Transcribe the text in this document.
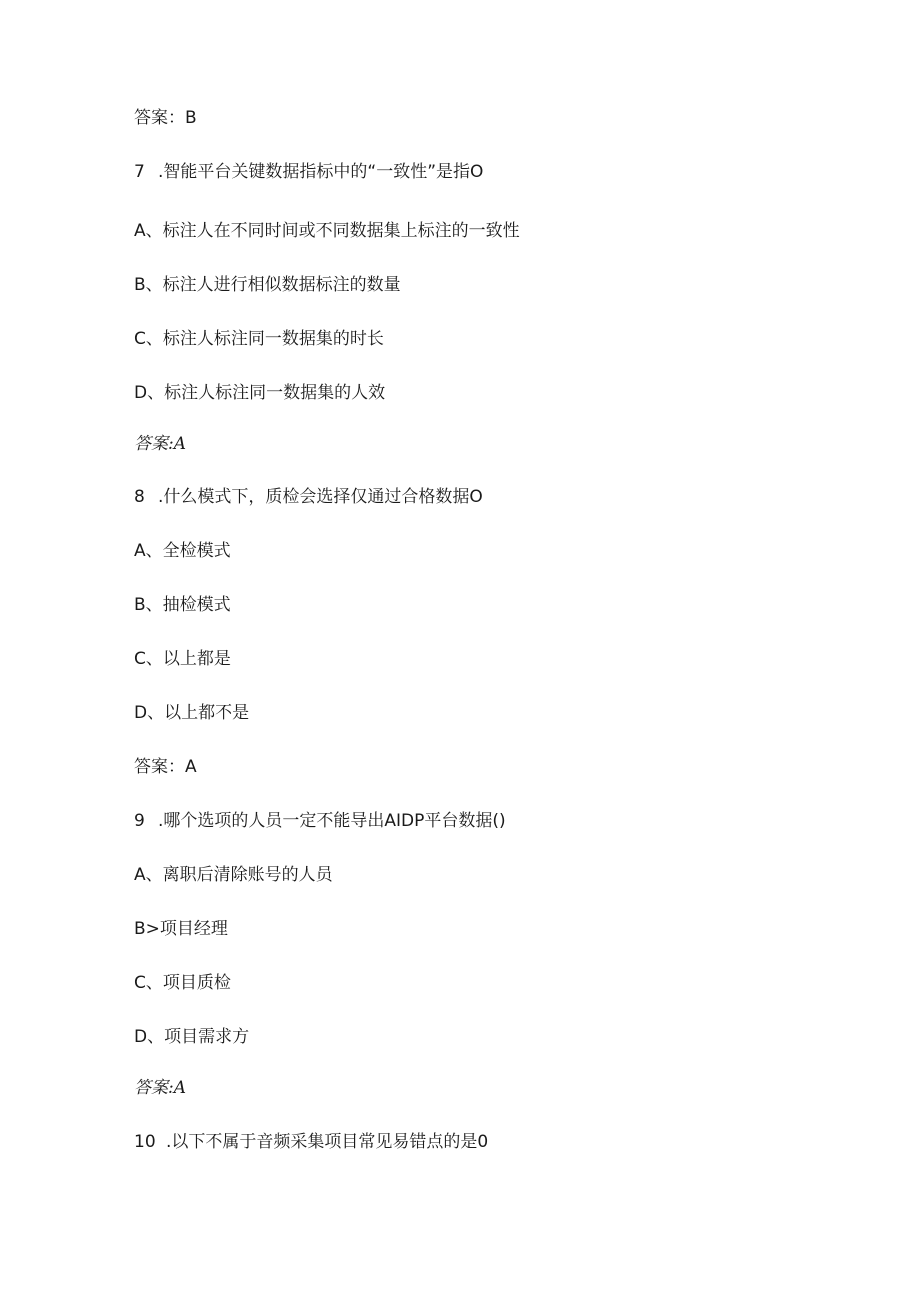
答案：B
7 .智能平台关键数据指标中的“一致性”是指O
A、标注人在不同时间或不同数据集上标注的一致性
B、标注人进行相似数据标注的数量
C、标注人标注同一数据集的时长
D、标注人标注同一数据集的人效
答案:A
8 .什么模式下，质检会选择仅通过合格数据O
A、全检模式
B、抽检模式
C、以上都是
D、以上都不是
答案：A
9 .哪个选项的人员一定不能导出AIDP平台数据()
A、离职后清除账号的人员
B>项目经理
C、项目质检
D、项目需求方
答案:A
10 .以下不属于音频采集项目常见易错点的是0
